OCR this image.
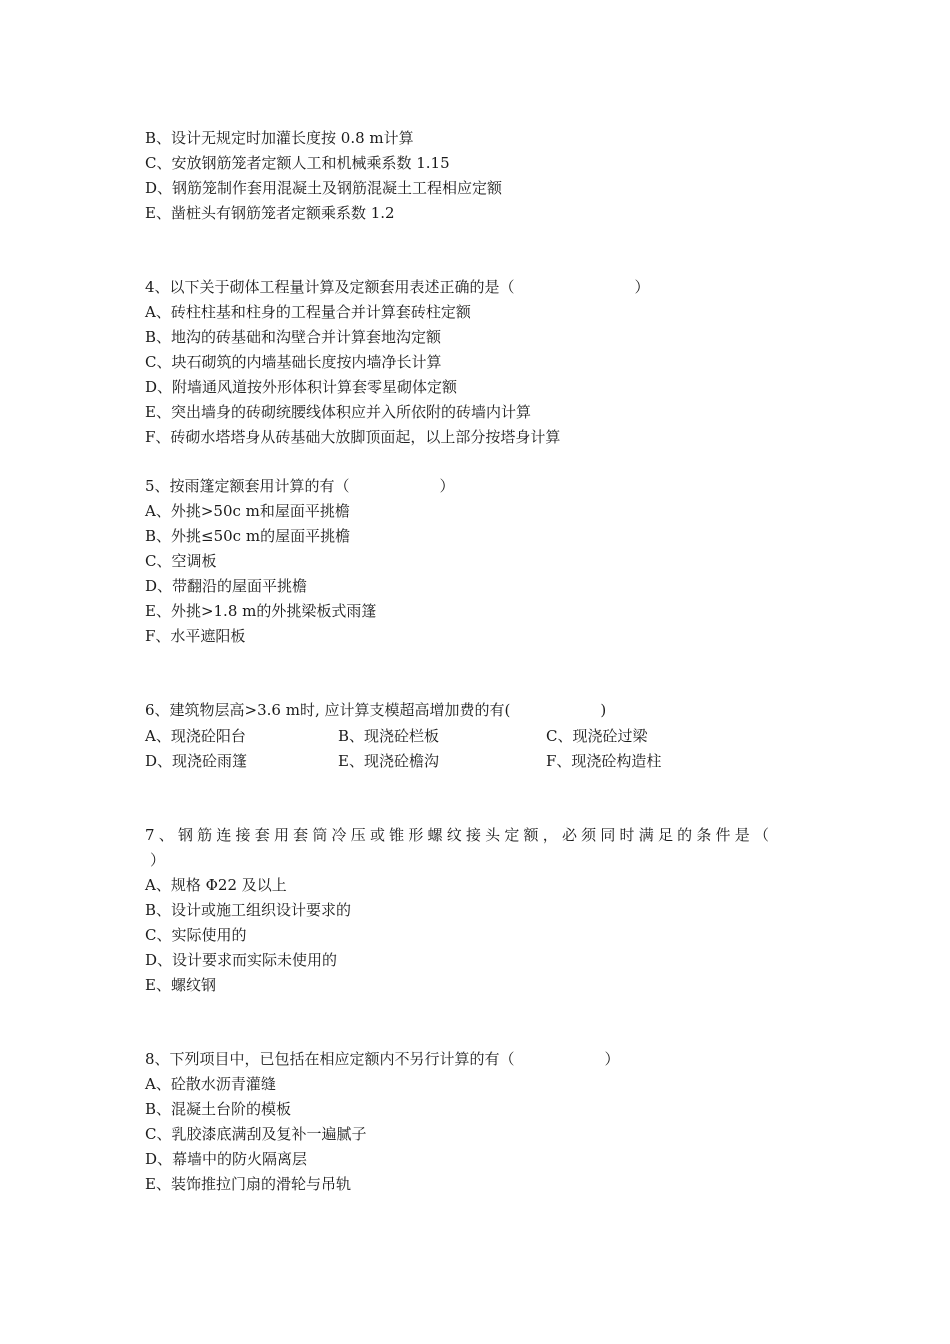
B、设计无规定时加灌长度按 0.8 m计算
C、安放钢筋笼者定额人工和机械乘系数 1.15
D、钢筋笼制作套用混凝土及钢筋混凝土工程相应定额
E、凿桩头有钢筋笼者定额乘系数 1.2
4、以下关于砌体工程量计算及定额套用表述正确的是（　　　　　　　　）
A、砖柱柱基和柱身的工程量合并计算套砖柱定额
B、地沟的砖基础和沟壁合并计算套地沟定额
C、块石砌筑的内墙基础长度按内墙净长计算
D、附墙通风道按外形体积计算套零星砌体定额
E、突出墙身的砖砌统腰线体积应并入所依附的砖墙内计算
F、砖砌水塔塔身从砖基础大放脚顶面起，以上部分按塔身计算
5、按雨篷定额套用计算的有（　　　　　　）
A、外挑>50c m和屋面平挑檐
B、外挑≤50c m的屋面平挑檐
C、空调板
D、带翻沿的屋面平挑檐
E、外挑>1.8 m的外挑梁板式雨篷
F、水平遮阳板
6、建筑物层高>3.6 m时, 应计算支模超高增加费的有(　　　　　　)
A、现浇砼阳台	B、现浇砼栏板	C、现浇砼过梁
D、现浇砼雨篷	E、现浇砼檐沟	F、现浇砼构造柱
7、钢筋连接套用套筒冷压或锥形螺纹接头定额，必须同时满足的条件是（
）
A、规格 Φ22 及以上
B、设计或施工组织设计要求的
C、实际使用的
D、设计要求而实际未使用的
E、螺纹钢
8、下列项目中，已包括在相应定额内不另行计算的有（　　　　　　）
A、砼散水沥青灌缝
B、混凝土台阶的模板
C、乳胶漆底满刮及复补一遍腻子
D、幕墙中的防火隔离层
E、装饰推拉门扇的滑轮与吊轨
